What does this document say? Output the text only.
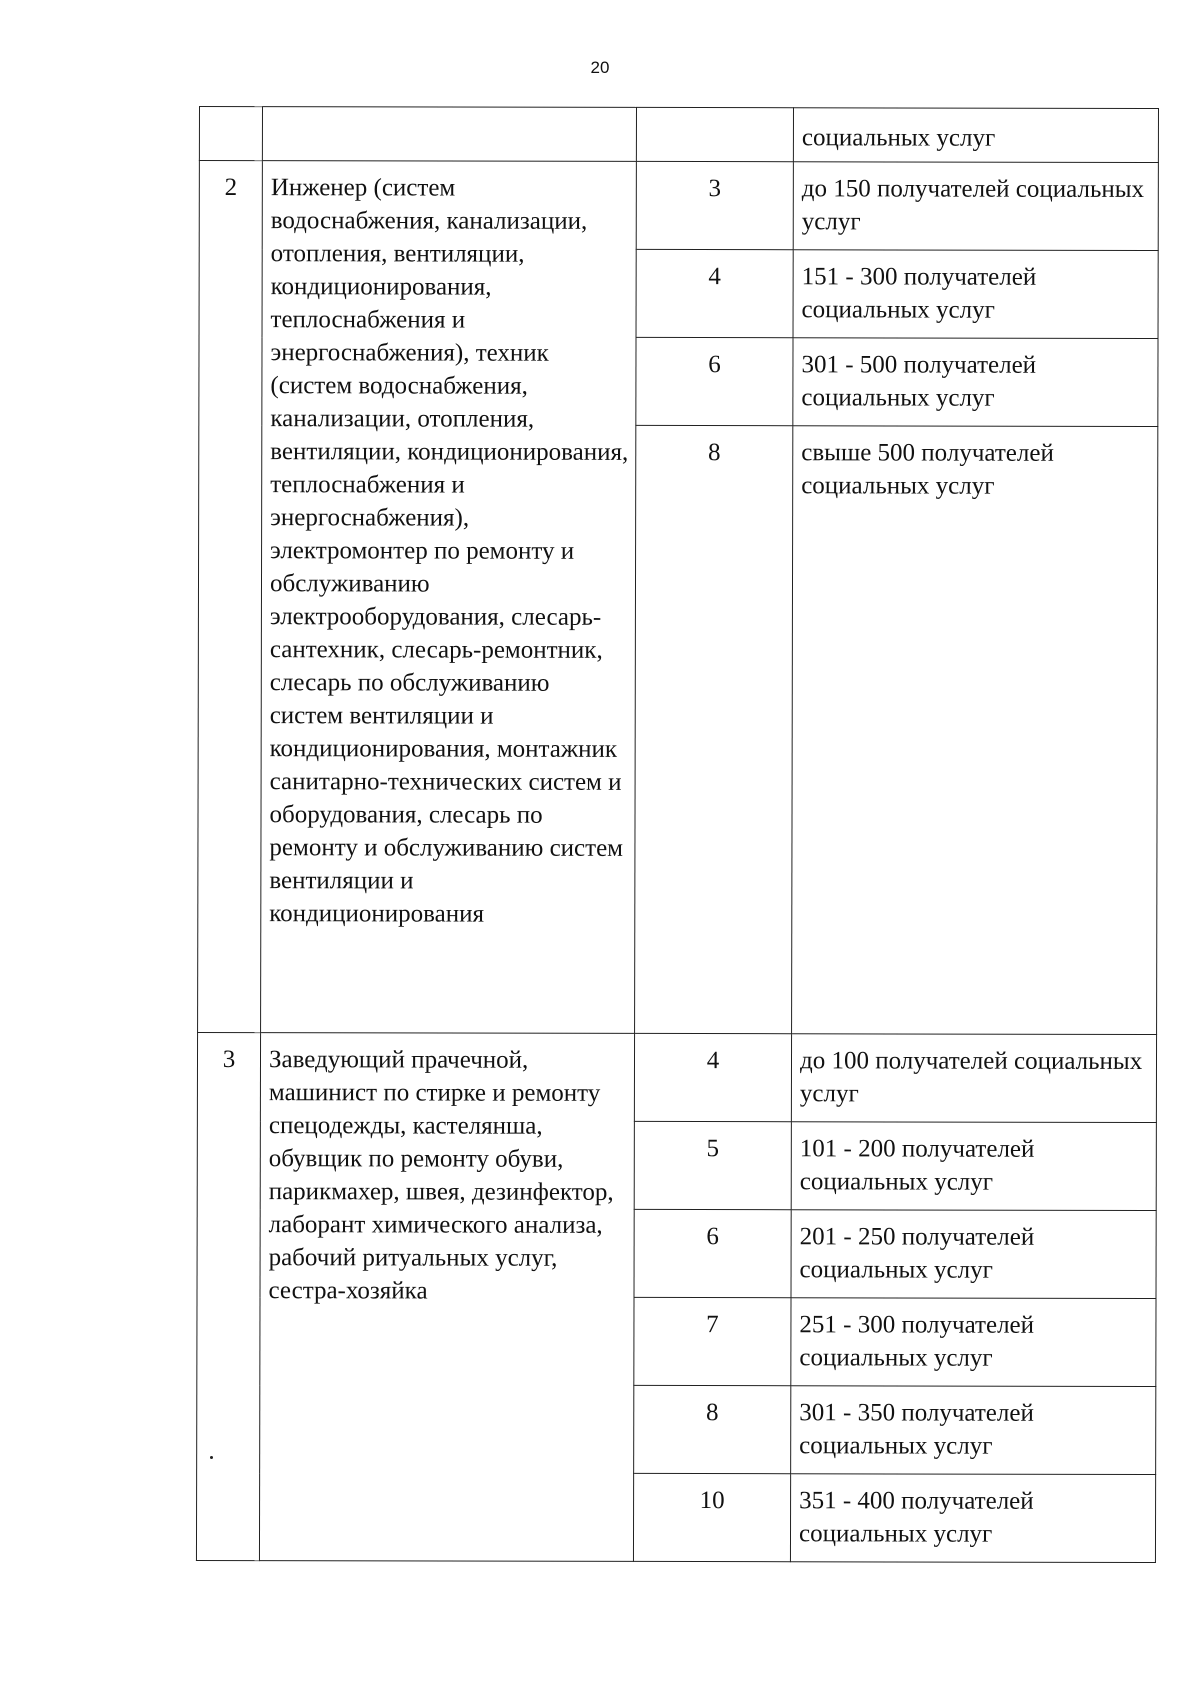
20
			социальных услуг
2	Инженер (систем водоснабжения, канализации, отопления, вентиляции, кондиционирования, теплоснабжения и энергоснабжения), техник (систем водоснабжения, канализации, отопления, вентиляции, кондиционирования, теплоснабжения и энергоснабжения), электромонтер по ремонту и обслуживанию электрооборудования, слесарь-сантехник, слесарь-ремонтник, слесарь по обслуживанию систем вентиляции и кондиционирования, монтажник санитарно-технических систем и оборудования, слесарь по ремонту и обслуживанию систем вентиляции и кондиционирования	3	до 150 получателей социальных услуг
		4	151 - 300 получателей социальных услуг
		6	301 - 500 получателей социальных услуг
		8	свыше 500 получателей социальных услуг
3	Заведующий прачечной, машинист по стирке и ремонту спецодежды, кастелянша, обувщик по ремонту обуви, парикмахер, швея, дезинфектор, лаборант химического анализа, рабочий ритуальных услуг, сестра-хозяйка	4	до 100 получателей социальных услуг
		5	101 - 200 получателей социальных услуг
		6	201 - 250 получателей социальных услуг
		7	251 - 300 получателей социальных услуг
		8	301 - 350 получателей социальных услуг
		10	351 - 400 получателей социальных услуг
